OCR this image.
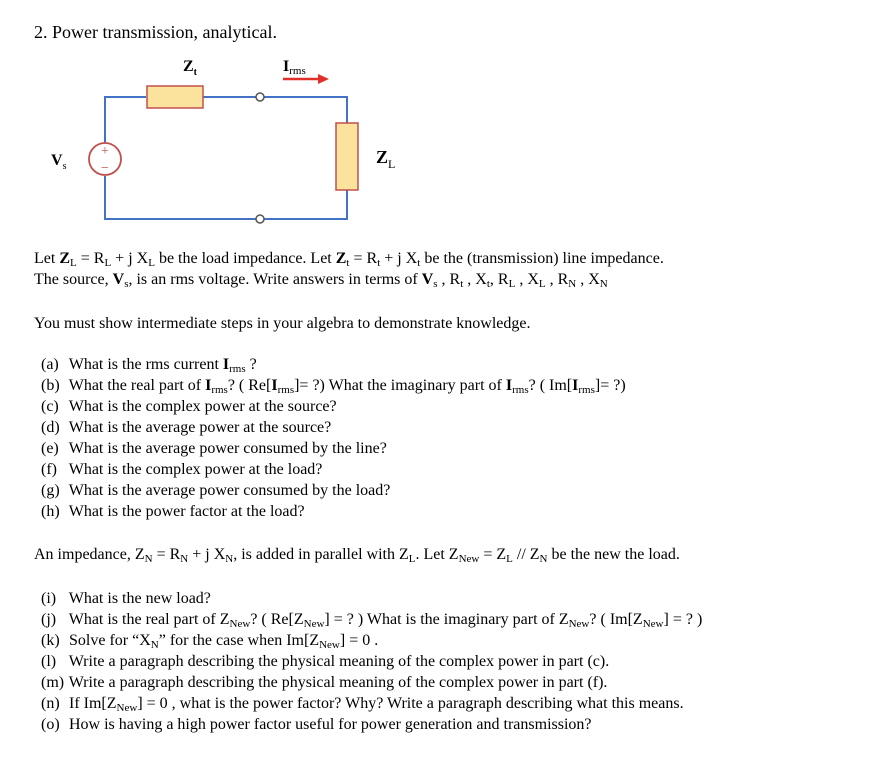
2. Power transmission, analytical.
+
−
$Z_t$	Irms
$V_s$	$Z_L$
Let $Z_L = R_L + j$ $X_L$ be the load impedance. Let $Z_t = R_t + j$ $X_t$ be the (transmission) line impedance.
The source, $V_s$, is an rms voltage. Write answers in terms of $V_s$ , $R_t$ , $X_t$, $R_L$ , $X_L$ , $R_N$ , $X_N$
You must show intermediate steps in your algebra to demonstrate knowledge.
(a) What is the rms current $I_{rms}$ ?
(b) What the real part of $I_{rms}$? ( $Re[I_{rms}]=$ ?) What the imaginary part of $I_{rms}$? ( $Im[I_{rms}]=$ ?)
(c) What is the complex power at the source?
(d) What is the average power at the source?
(e) What is the average power consumed by the line?
(f) What is the complex power at the load?
(g) What is the average power consumed by the load?
(h) What is the power factor at the load?
An impedance, $Z_N = R_N + j$ $X_N$, is added in parallel with $Z_L$. Let $Z_{New} = Z_L // Z_N$ be the new the load.
(i) What is the new load?
(j) What is the real part of $Z_{New}$? ( $Re[Z_{New}]$ = ? ) What is the imaginary part of $Z_{New}$? ( $Im[Z_{New}]$ = ? )
(k) Solve for “$X_N$” for the case when $Im[Z_{New}] = 0$ .
(l) Write a paragraph describing the physical meaning of the complex power in part (c).
(m) Write a paragraph describing the physical meaning of the complex power in part (f).
(n) If $Im[Z_{New}] = 0$ , what is the power factor? Why? Write a paragraph describing what this means.
(o) How is having a high power factor useful for power generation and transmission?
